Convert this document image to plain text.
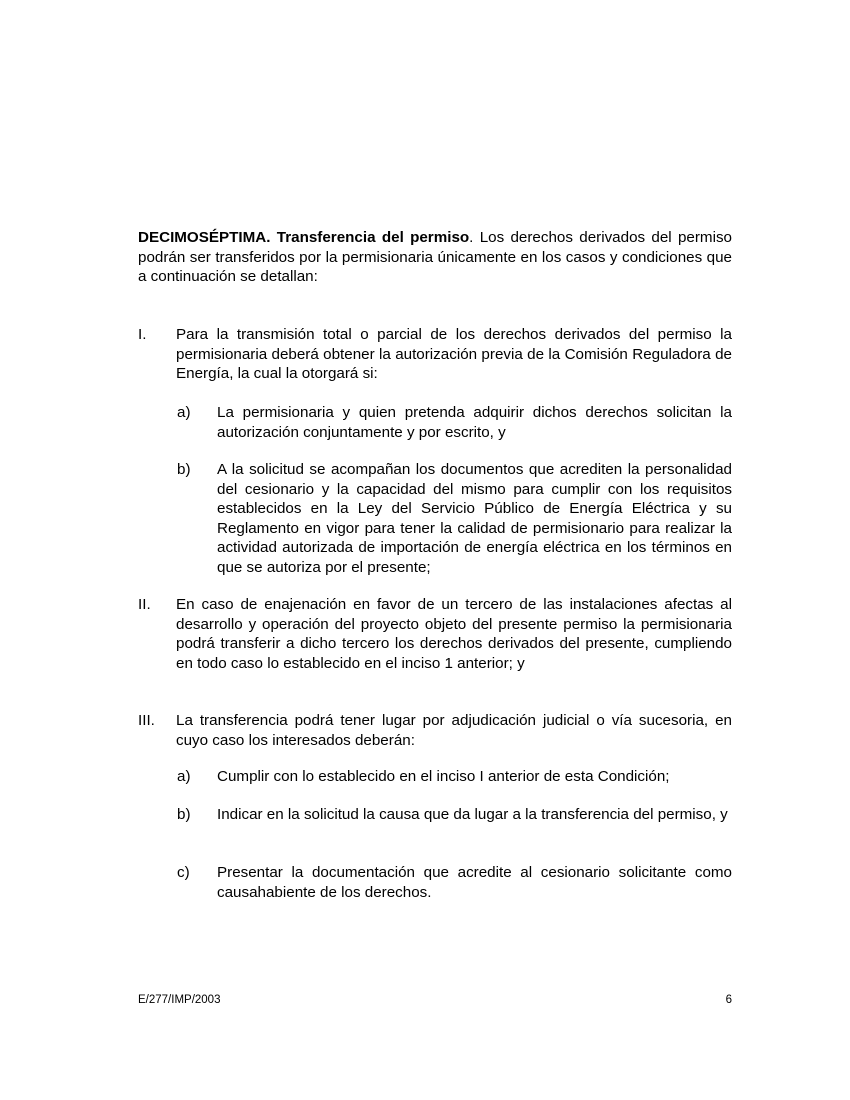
DECIMOSÉPTIMA. Transferencia del permiso. Los derechos derivados del permiso podrán ser transferidos por la permisionaria únicamente en los casos y condiciones que a continuación se detallan:

I. Para la transmisión total o parcial de los derechos derivados del permiso la permisionaria deberá obtener la autorización previa de la Comisión Reguladora de Energía, la cual la otorgará si:
a) La permisionaria y quien pretenda adquirir dichos derechos solicitan la autorización conjuntamente y por escrito, y
b) A la solicitud se acompañan los documentos que acrediten la personalidad del cesionario y la capacidad del mismo para cumplir con los requisitos establecidos en la Ley del Servicio Público de Energía Eléctrica y su Reglamento en vigor para tener la calidad de permisionario para realizar la actividad autorizada de importación de energía eléctrica en los términos en que se autoriza por el presente;
II. En caso de enajenación en favor de un tercero de las instalaciones afectas al desarrollo y operación del proyecto objeto del presente permiso la permisionaria podrá transferir a dicho tercero los derechos derivados del presente, cumpliendo en todo caso lo establecido en el inciso 1 anterior; y
III. La transferencia podrá tener lugar por adjudicación judicial o vía sucesoria, en cuyo caso los interesados deberán:
a) Cumplir con lo establecido en el inciso I anterior de esta Condición;
b) Indicar en la solicitud la causa que da lugar a la transferencia del permiso, y
c) Presentar la documentación que acredite al cesionario solicitante como causahabiente de los derechos.
E/277/IMP/2003	6
